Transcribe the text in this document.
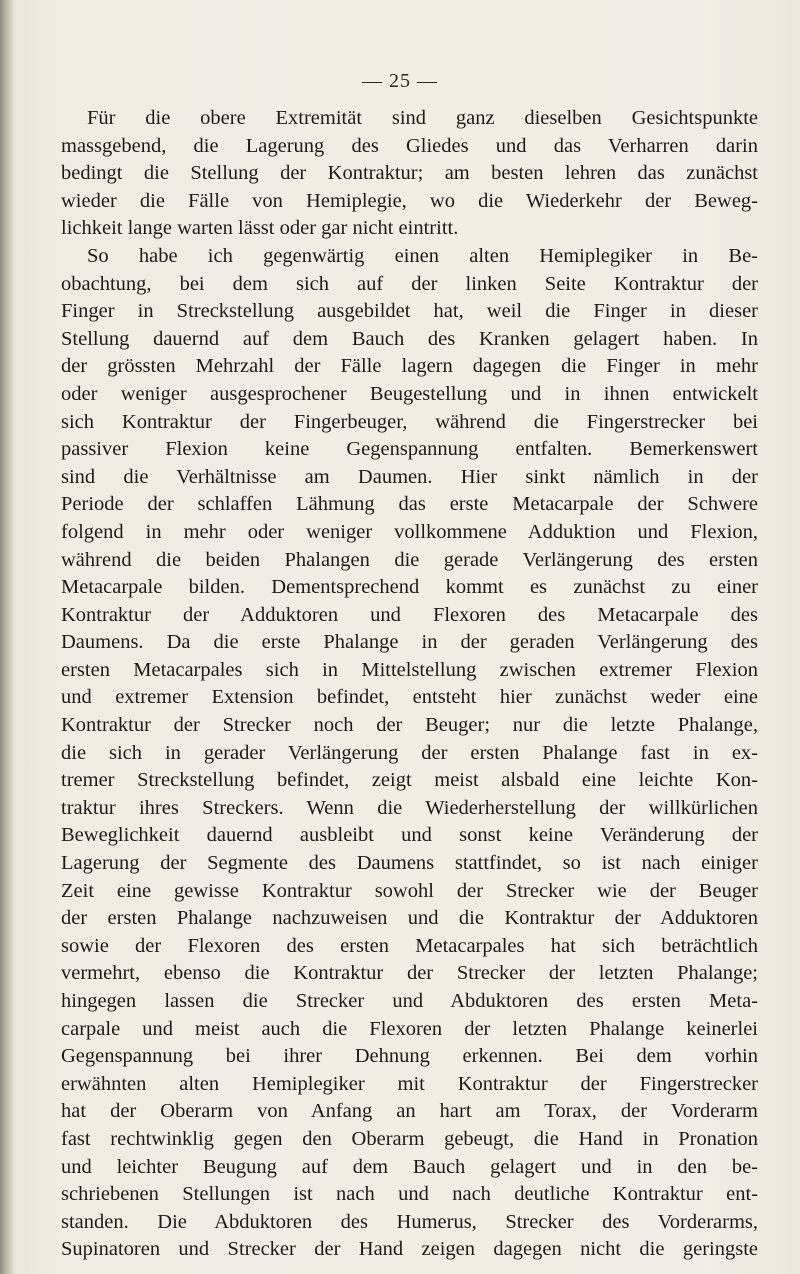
— 25 —
Für die obere Extremität sind ganz dieselben Gesichtspunkte
massgebend, die Lagerung des Gliedes und das Verharren darin
bedingt die Stellung der Kontraktur; am besten lehren das zunächst
wieder die Fälle von Hemiplegie, wo die Wiederkehr der Beweg-
lichkeit lange warten lässt oder gar nicht eintritt.
So habe ich gegenwärtig einen alten Hemiplegiker in Be-
obachtung, bei dem sich auf der linken Seite Kontraktur der
Finger in Streckstellung ausgebildet hat, weil die Finger in dieser
Stellung dauernd auf dem Bauch des Kranken gelagert haben. In
der grössten Mehrzahl der Fälle lagern dagegen die Finger in mehr
oder weniger ausgesprochener Beugestellung und in ihnen entwickelt
sich Kontraktur der Fingerbeuger, während die Fingerstrecker bei
passiver Flexion keine Gegenspannung entfalten. Bemerkenswert
sind die Verhältnisse am Daumen. Hier sinkt nämlich in der
Periode der schlaffen Lähmung das erste Metacarpale der Schwere
folgend in mehr oder weniger vollkommene Adduktion und Flexion,
während die beiden Phalangen die gerade Verlängerung des ersten
Metacarpale bilden. Dementsprechend kommt es zunächst zu einer
Kontraktur der Adduktoren und Flexoren des Metacarpale des
Daumens. Da die erste Phalange in der geraden Verlängerung des
ersten Metacarpales sich in Mittelstellung zwischen extremer Flexion
und extremer Extension befindet, entsteht hier zunächst weder eine
Kontraktur der Strecker noch der Beuger; nur die letzte Phalange,
die sich in gerader Verlängerung der ersten Phalange fast in ex-
tremer Streckstellung befindet, zeigt meist alsbald eine leichte Kon-
traktur ihres Streckers. Wenn die Wiederherstellung der willkürlichen
Beweglichkeit dauernd ausbleibt und sonst keine Veränderung der
Lagerung der Segmente des Daumens stattfindet, so ist nach einiger
Zeit eine gewisse Kontraktur sowohl der Strecker wie der Beuger
der ersten Phalange nachzuweisen und die Kontraktur der Adduktoren
sowie der Flexoren des ersten Metacarpales hat sich beträchtlich
vermehrt, ebenso die Kontraktur der Strecker der letzten Phalange;
hingegen lassen die Strecker und Abduktoren des ersten Meta-
carpale und meist auch die Flexoren der letzten Phalange keinerlei
Gegenspannung bei ihrer Dehnung erkennen. Bei dem vorhin
erwähnten alten Hemiplegiker mit Kontraktur der Fingerstrecker
hat der Oberarm von Anfang an hart am Torax, der Vorderarm
fast rechtwinklig gegen den Oberarm gebeugt, die Hand in Pronation
und leichter Beugung auf dem Bauch gelagert und in den be-
schriebenen Stellungen ist nach und nach deutliche Kontraktur ent-
standen. Die Abduktoren des Humerus, Strecker des Vorderarms,
Supinatoren und Strecker der Hand zeigen dagegen nicht die geringste
